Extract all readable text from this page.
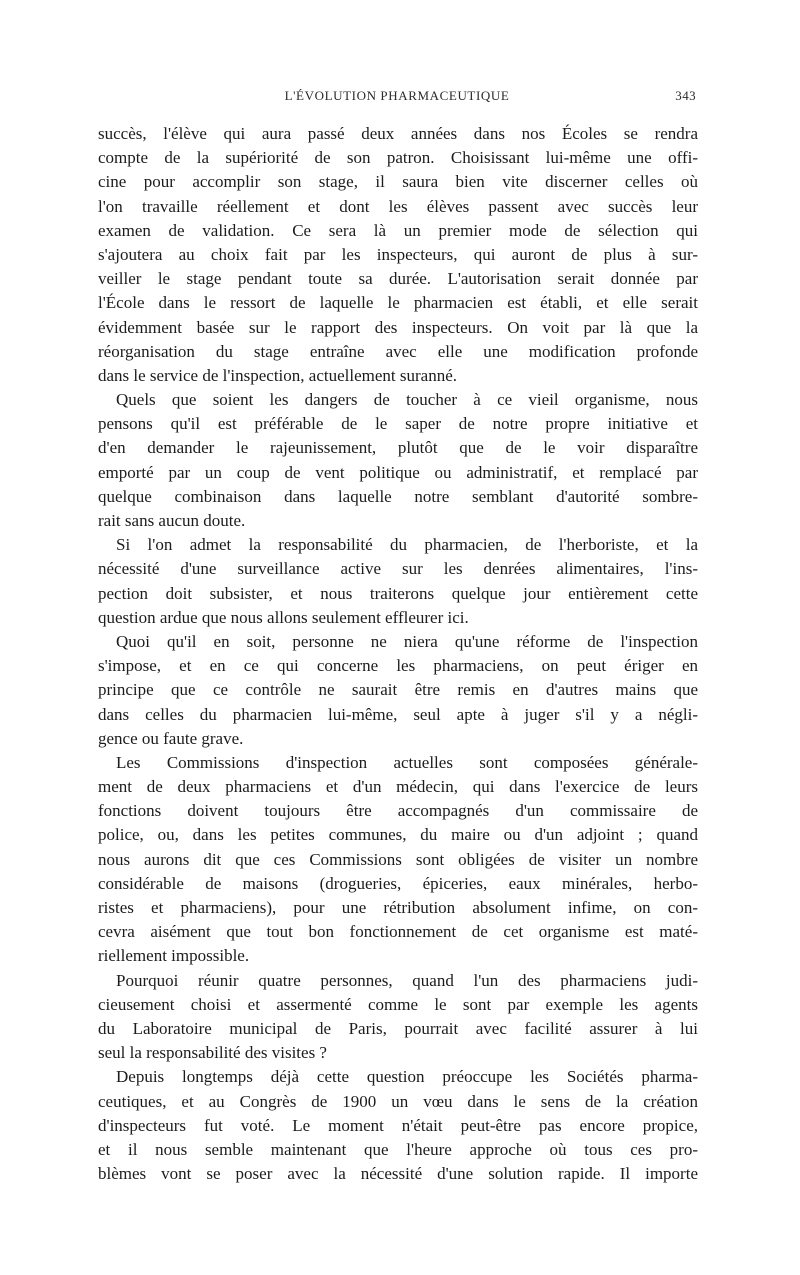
L'ÉVOLUTION PHARMACEUTIQUE	343
succès, l'élève qui aura passé deux années dans nos Écoles se rendra
compte de la supériorité de son patron. Choisissant lui-même une offi-
cine pour accomplir son stage, il saura bien vite discerner celles où
l'on travaille réellement et dont les élèves passent avec succès leur
examen de validation. Ce sera là un premier mode de sélection qui
s'ajoutera au choix fait par les inspecteurs, qui auront de plus à sur-
veiller le stage pendant toute sa durée. L'autorisation serait donnée par
l'École dans le ressort de laquelle le pharmacien est établi, et elle serait
évidemment basée sur le rapport des inspecteurs. On voit par là que la
réorganisation du stage entraîne avec elle une modification profonde
dans le service de l'inspection, actuellement suranné.
Quels que soient les dangers de toucher à ce vieil organisme, nous
pensons qu'il est préférable de le saper de notre propre initiative et
d'en demander le rajeunissement, plutôt que de le voir disparaître
emporté par un coup de vent politique ou administratif, et remplacé par
quelque combinaison dans laquelle notre semblant d'autorité sombre-
rait sans aucun doute.
Si l'on admet la responsabilité du pharmacien, de l'herboriste, et la
nécessité d'une surveillance active sur les denrées alimentaires, l'ins-
pection doit subsister, et nous traiterons quelque jour entièrement cette
question ardue que nous allons seulement effleurer ici.
Quoi qu'il en soit, personne ne niera qu'une réforme de l'inspection
s'impose, et en ce qui concerne les pharmaciens, on peut ériger en
principe que ce contrôle ne saurait être remis en d'autres mains que
dans celles du pharmacien lui-même, seul apte à juger s'il y a négli-
gence ou faute grave.
Les Commissions d'inspection actuelles sont composées générale-
ment de deux pharmaciens et d'un médecin, qui dans l'exercice de leurs
fonctions doivent toujours être accompagnés d'un commissaire de
police, ou, dans les petites communes, du maire ou d'un adjoint ; quand
nous aurons dit que ces Commissions sont obligées de visiter un nombre
considérable de maisons (drogueries, épiceries, eaux minérales, herbo-
ristes et pharmaciens), pour une rétribution absolument infime, on con-
cevra aisément que tout bon fonctionnement de cet organisme est maté-
riellement impossible.
Pourquoi réunir quatre personnes, quand l'un des pharmaciens judi-
cieusement choisi et assermenté comme le sont par exemple les agents
du Laboratoire municipal de Paris, pourrait avec facilité assurer à lui
seul la responsabilité des visites ?
Depuis longtemps déjà cette question préoccupe les Sociétés pharma-
ceutiques, et au Congrès de 1900 un vœu dans le sens de la création
d'inspecteurs fut voté. Le moment n'était peut-être pas encore propice,
et il nous semble maintenant que l'heure approche où tous ces pro-
blèmes vont se poser avec la nécessité d'une solution rapide. Il importe
